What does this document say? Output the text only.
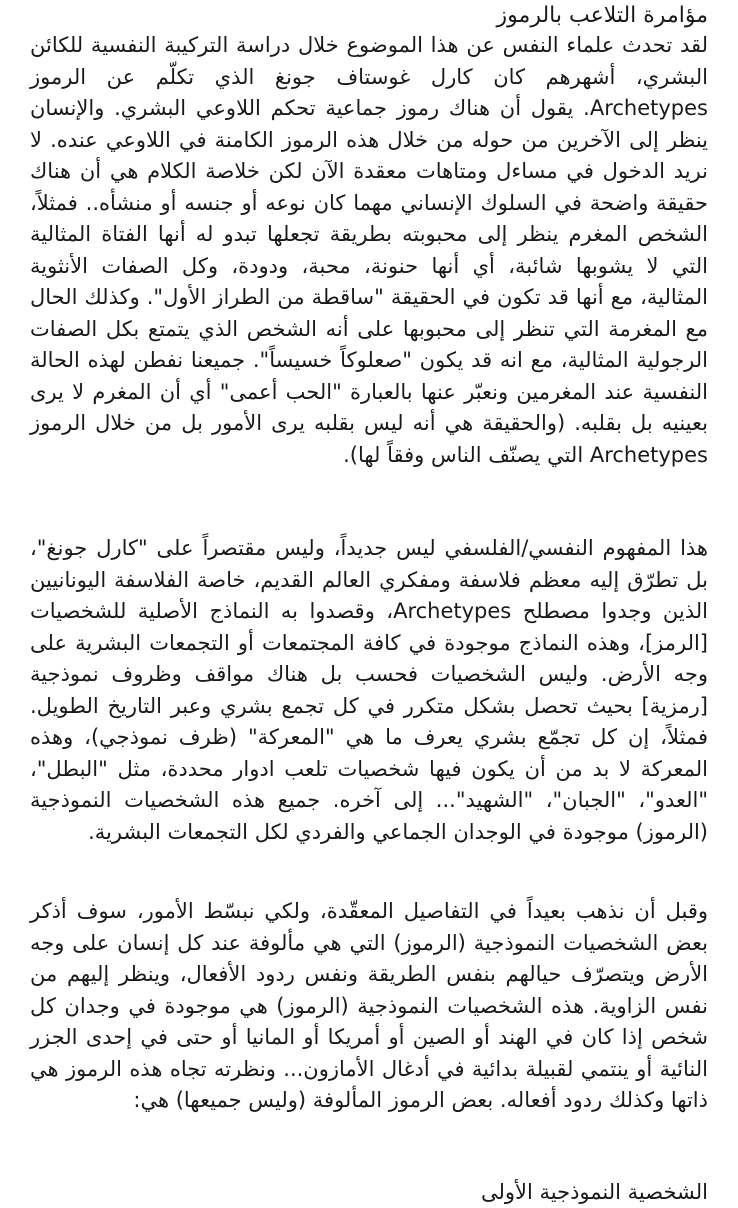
مؤامرة التلاعب بالرموز

لقد تحدث علماء النفس عن هذا الموضوع خلال دراسة التركيبة النفسية للكائن البشري، أشهرهم كان كارل غوستاف جونغ الذي تكلّم عن الرموز Archetypes. يقول أن هناك رموز جماعية تحكم اللاوعي البشري. والإنسان ينظر إلى الآخرين من حوله من خلال هذه الرموز الكامنة في اللاوعي عنده. لا نريد الدخول في مساءل ومتاهات معقدة الآن لكن خلاصة الكلام هي أن هناك حقيقة واضحة في السلوك الإنساني مهما كان نوعه أو جنسه أو منشأه.. فمثلاً، الشخص المغرم ينظر إلى محبوبته بطريقة تجعلها تبدو له أنها الفتاة المثالية التي لا يشوبها شائبة، أي أنها حنونة، محبة، ودودة، وكل الصفات الأنثوية المثالية، مع أنها قد تكون في الحقيقة "ساقطة من الطراز الأول". وكذلك الحال مع المغرمة التي تنظر إلى محبوبها على أنه الشخص الذي يتمتع بكل الصفات الرجولية المثالية، مع انه قد يكون "صعلوكاً خسيساً". جميعنا نفطن لهذه الحالة النفسية عند المغرمين ونعبّر عنها بالعبارة "الحب أعمى" أي أن المغرم لا يرى بعينيه بل بقلبه. (والحقيقة هي أنه ليس بقلبه يرى الأمور بل من خلال الرموز Archetypes التي يصنّف الناس وفقاً لها).

هذا المفهوم النفسي/الفلسفي ليس جديداً، وليس مقتصراً على "كارل جونغ"، بل تطرّق إليه معظم فلاسفة ومفكري العالم القديم، خاصة الفلاسفة اليونانيين الذين وجدوا مصطلح Archetypes، وقصدوا به النماذج الأصلية للشخصيات [الرمز]، وهذه النماذج موجودة في كافة المجتمعات أو التجمعات البشرية على وجه الأرض. وليس الشخصيات فحسب بل هناك مواقف وظروف نموذجية [رمزية] بحيث تحصل بشكل متكرر في كل تجمع بشري وعبر التاريخ الطويل. فمثلاً، إن كل تجمّع بشري يعرف ما هي "المعركة" (ظرف نموذجي)، وهذه المعركة لا بد من أن يكون فيها شخصيات تلعب ادوار محددة، مثل "البطل"، "العدو"، "الجبان"، "الشهيد"... إلى آخره. جميع هذه الشخصيات النموذجية (الرموز) موجودة في الوجدان الجماعي والفردي لكل التجمعات البشرية.

وقبل أن نذهب بعيداً في التفاصيل المعقّدة، ولكي نبسّط الأمور، سوف أذكر بعض الشخصيات النموذجية (الرموز) التي هي مألوفة عند كل إنسان على وجه الأرض ويتصرّف حيالهم بنفس الطريقة ونفس ردود الأفعال، وينظر إليهم من نفس الزاوية. هذه الشخصيات النموذجية (الرموز) هي موجودة في وجدان كل شخص إذا كان في الهند أو الصين أو أمريكا أو المانيا أو حتى في إحدى الجزر النائية أو ينتمي لقبيلة بدائية في أدغال الأمازون... ونظرته تجاه هذه الرموز هي ذاتها وكذلك ردود أفعاله. بعض الرموز المألوفة (وليس جميعها) هي:

الشخصية النموذجية الأولى
